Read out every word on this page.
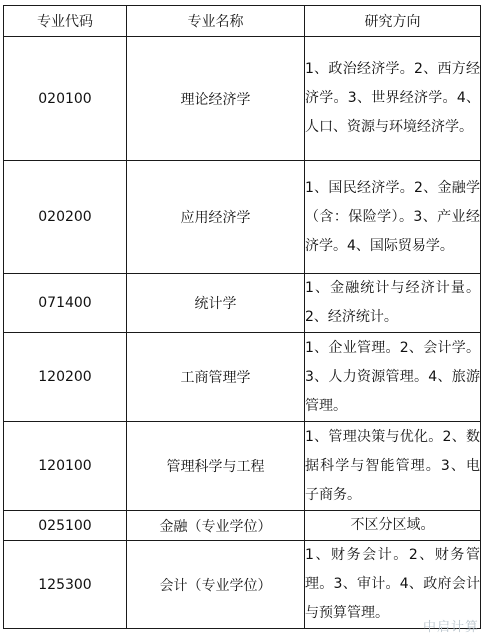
专业代码	专业名称	研究方向
020100	理论经济学	1、政治经济学。2、西方经济学。3、世界经济学。4、人口、资源与环境经济学。
020200	应用经济学	1、国民经济学。2、金融学（含：保险学）。3、产业经济学。4、国际贸易学。
071400	统计学	1、金融统计与经济计量。2、经济统计。
120200	工商管理学	1、企业管理。2、会计学。3、人力资源管理。4、旅游管理。
120100	管理科学与工程	1、管理决策与优化。2、数据科学与智能管理。3、电子商务。
025100	金融（专业学位）	不区分区域。
125300	会计（专业学位）	1、财务会计。2、财务管理。3、审计。4、政府会计与预算管理。
中启计算
